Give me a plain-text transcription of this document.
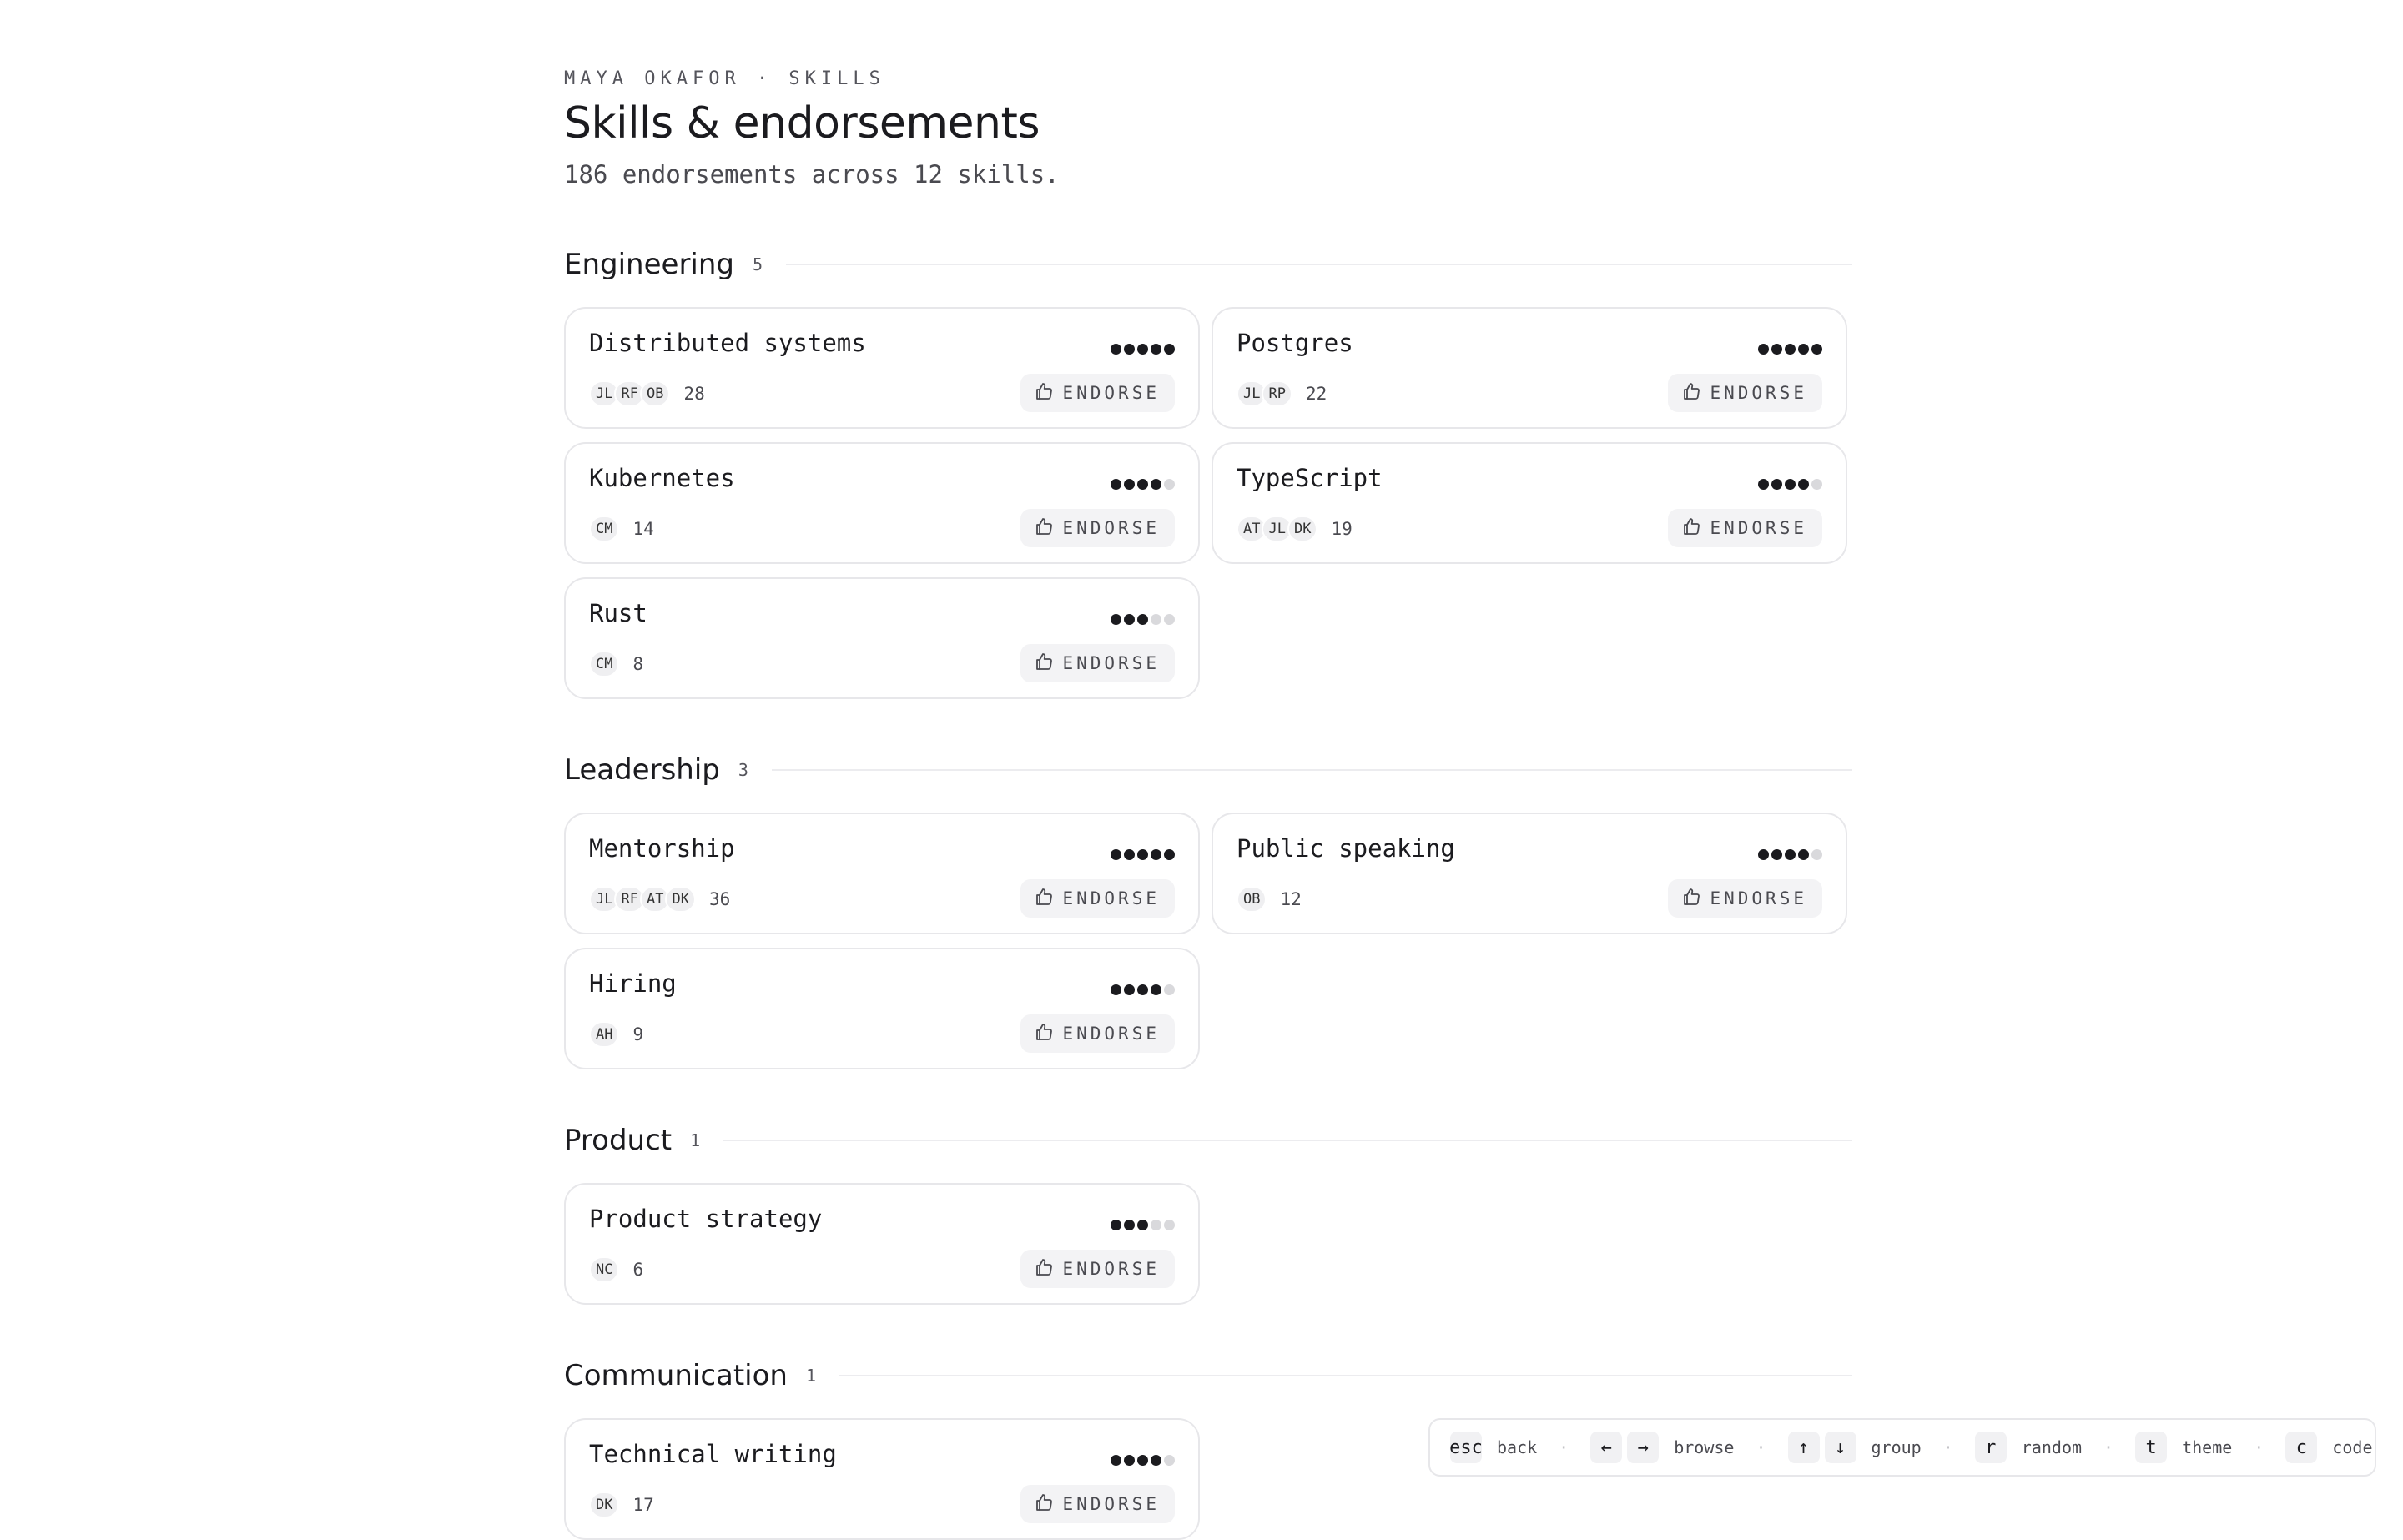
MAYA OKAFOR · SKILLS
Skills & endorsements
186 endorsements across 12 skills.
Engineering 5
Distributed systems
JL RF OB	28	ENDORSE
Postgres
JL RP	22	ENDORSE
Kubernetes
CM	14	ENDORSE
TypeScript
AT JL DK	19	ENDORSE
Rust
CM	8	ENDORSE
Leadership 3
Mentorship
JL RF AT DK	36	ENDORSE
Public speaking
OB	12	ENDORSE
Hiring
AH	9	ENDORSE
Product 1
Product strategy
NC	6	ENDORSE
Communication 1
Technical writing
DK	17	ENDORSE
esc back ·	←	→	browse ·	↑	↓	group ·	r	random ·	t	theme ·	c	code
